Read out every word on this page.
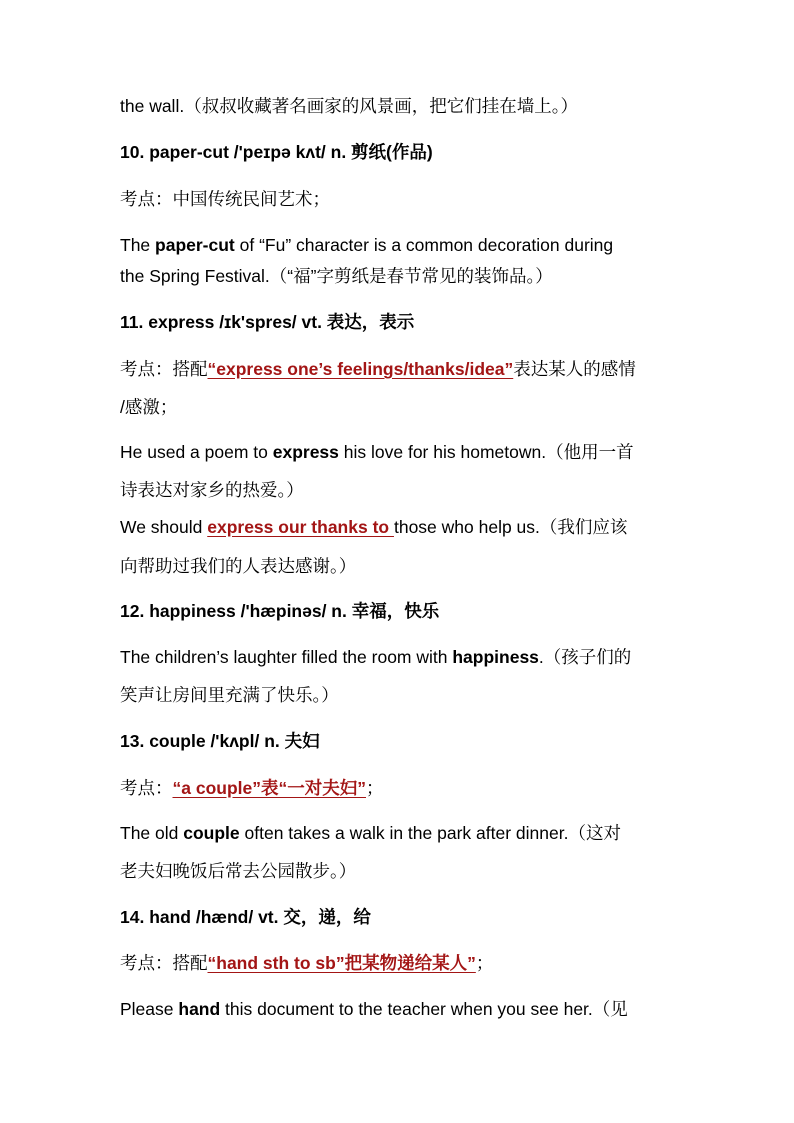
the wall.（叔叔收藏著名画家的风景画，把它们挂在墙上。）
10. paper-cut /'peɪpə kʌt/ n. 剪纸(作品)
考点：中国传统民间艺术；
The paper-cut of “Fu” character is a common decoration during
the Spring Festival.（“福”字剪纸是春节常见的装饰品。）
11. express /ɪk'spres/ vt. 表达，表示
考点：搭配“express one’s feelings/thanks/idea”表达某人的感情
/感激；
He used a poem to express his love for his hometown.（他用一首
诗表达对家乡的热爱。）
We should express our thanks to those who help us.（我们应该
向帮助过我们的人表达感谢。）
12. happiness /'hæpinəs/ n. 幸福，快乐
The children’s laughter filled the room with happiness.（孩子们的
笑声让房间里充满了快乐。）
13. couple /'kʌpl/ n. 夫妇
考点：“a couple”表“一对夫妇”；
The old couple often takes a walk in the park after dinner.（这对
老夫妇晚饭后常去公园散步。）
14. hand /hænd/ vt. 交，递，给
考点：搭配“hand sth to sb”把某物递给某人”；
Please hand this document to the teacher when you see her.（见
